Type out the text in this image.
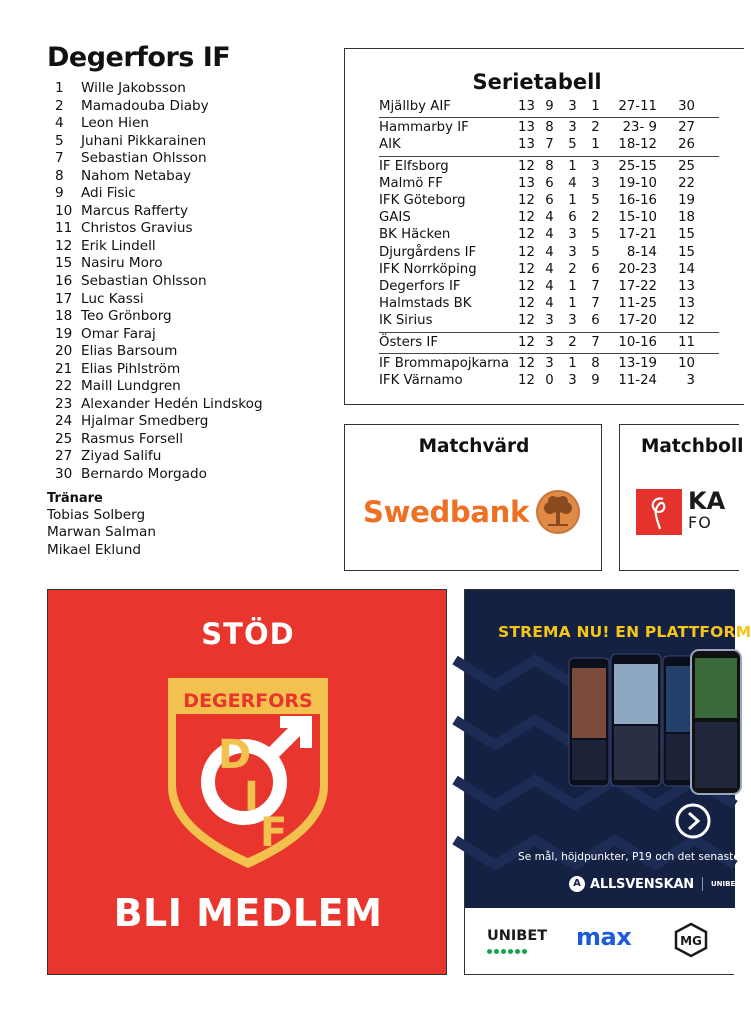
Degerfors IF
1	Wille Jakobsson
2	Mamadouba Diaby
4	Leon Hien
5	Juhani Pikkarainen
7	Sebastian Ohlsson
8	Nahom Netabay
9	Adi Fisic
10 Marcus Rafferty
11 Christos Gravius
12 Erik Lindell
15 Nasiru Moro
16 Sebastian Ohlsson
17 Luc Kassi
18 Teo Grönborg
19 Omar Faraj
20 Elias Barsoum
21 Elias Pihlström
22 Maill Lundgren
23 Alexander Hedén Lindskog
24 Hjalmar Smedberg
25 Rasmus Forsell
27 Ziyad Salifu
30 Bernardo Morgado
Tränare
Tobias Solberg
Marwan Salman
Mikael Eklund
Serietabell
Mjällby AIF	13 9	3	1	27-11	30
Hammarby IF	13 8	3	2	23- 9	27
AIK	13 7	5	1	18-12	26
IF Elfsborg	12 8	1	3	25-15	25
Malmö FF	13 6	4	3	19-10	22
IFK Göteborg	12 6	1	5	16-16	19
GAIS	12 4	6	2	15-10	18
BK Häcken	12 4	3	5	17-21	15
Djurgårdens IF	12 4	3	5	8-14	15
IFK Norrköping	12 4	2	6	20-23	14
Degerfors IF	12 4	1	7	17-22	13
Halmstads BK	12 4	1	7	11-25	13
IK Sirius	12 3	3	6	17-20	12
Östers IF	12 3	2	7	10-16	11
IF Brommapojkarna 12 3	1	8	13-19	10
IFK Värnamo	12 0	3	9	11-24	3
Matchvärd
Swedbank
Matchboll
KA
FO
STÖD
DEGERFORS
D
I
F
BLI MEDLEM
STREMA NU! EN PLATTFORM
Se mål, höjdpunkter, P19 och det senaste
A ALLSVENSKAN UNIBET
UNIBET max	MG
